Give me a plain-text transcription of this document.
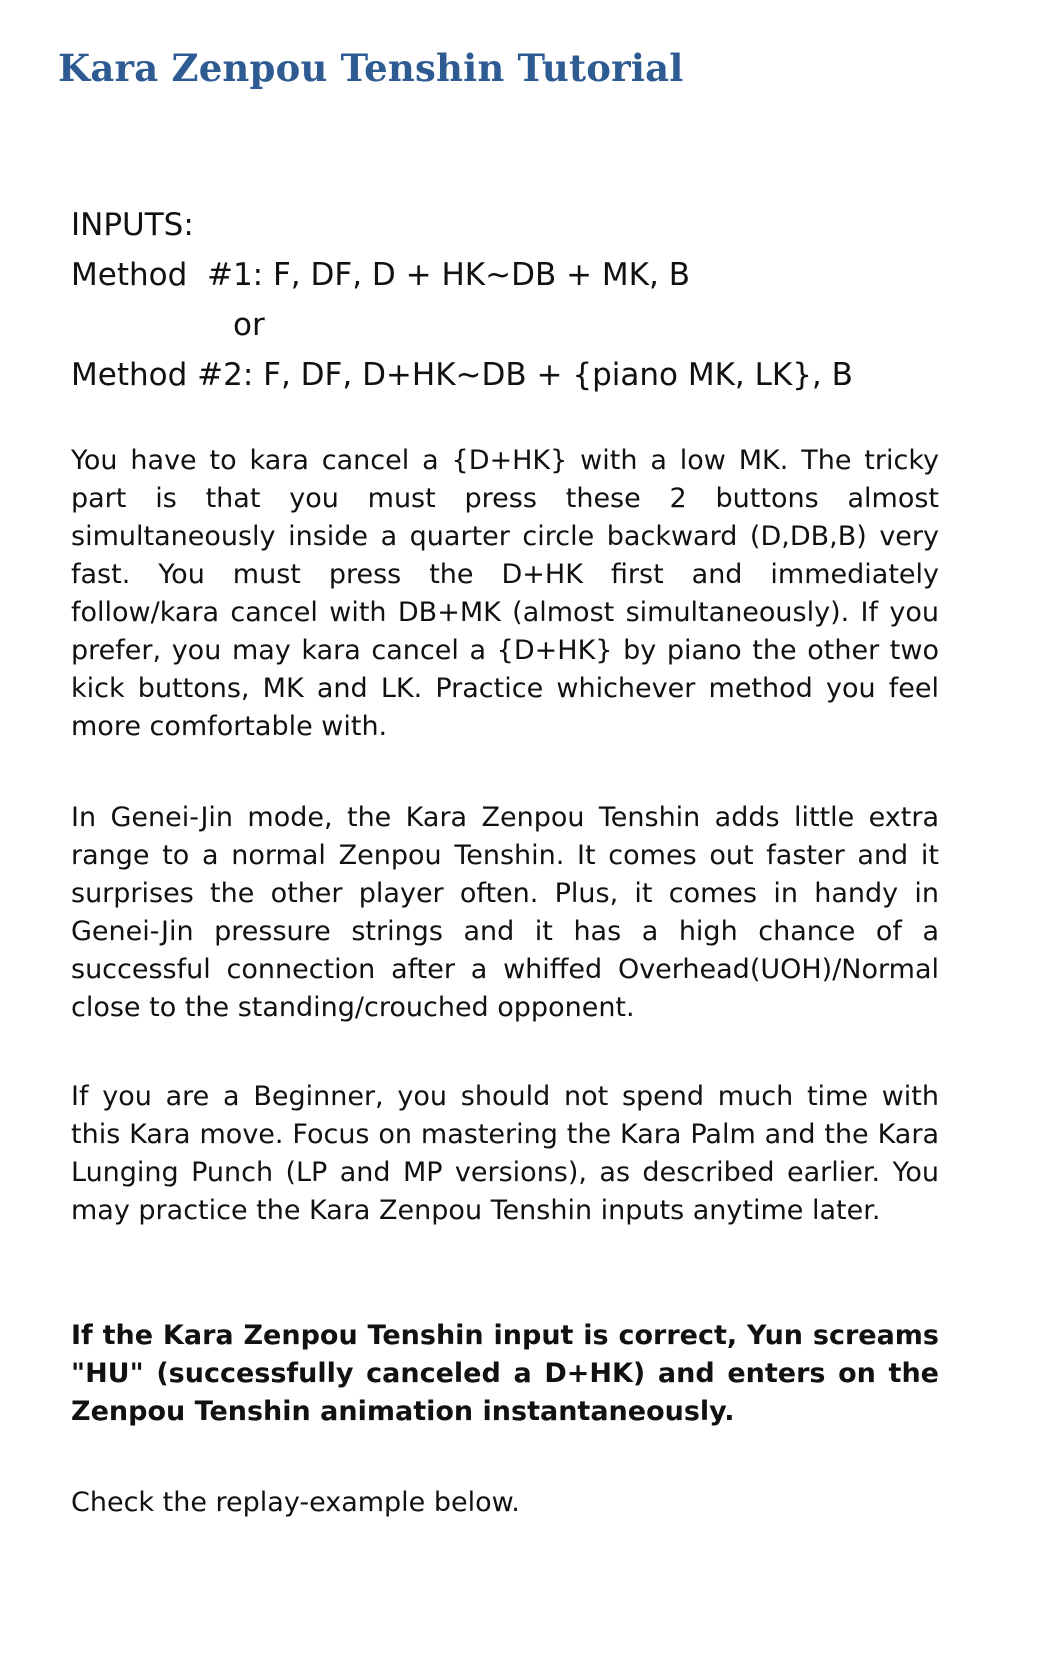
Kara Zenpou Tenshin Tutorial
INPUTS:
Method  #1: F, DF, D + HK~DB + MK, B
or
Method #2: F, DF, D+HK~DB + {piano MK, LK}, B

You have to kara cancel a {D+HK} with a low MK. The tricky part is that you must press these 2 buttons almost simultaneously inside a quarter circle backward (D,DB,B) very fast. You must press the D+HK first and immediately follow/kara cancel with DB+MK (almost simultaneously). If you prefer, you may kara cancel a {D+HK} by piano the other two kick buttons, MK and LK. Practice whichever method you feel more comfortable with.

In Genei-Jin mode, the Kara Zenpou Tenshin adds little extra range to a normal Zenpou Tenshin. It comes out faster and it surprises the other player often. Plus, it comes in handy in Genei-Jin pressure strings and it has a high chance of a successful connection after a whiffed Overhead(UOH)/Normal close to the standing/crouched opponent.

If you are a Beginner, you should not spend much time with this Kara move. Focus on mastering the Kara Palm and the Kara Lunging Punch (LP and MP versions), as described earlier. You may practice the Kara Zenpou Tenshin inputs anytime later.

If the Kara Zenpou Tenshin input is correct, Yun screams "HU" (successfully canceled a D+HK) and enters on the Zenpou Tenshin animation instantaneously.

Check the replay-example below.
